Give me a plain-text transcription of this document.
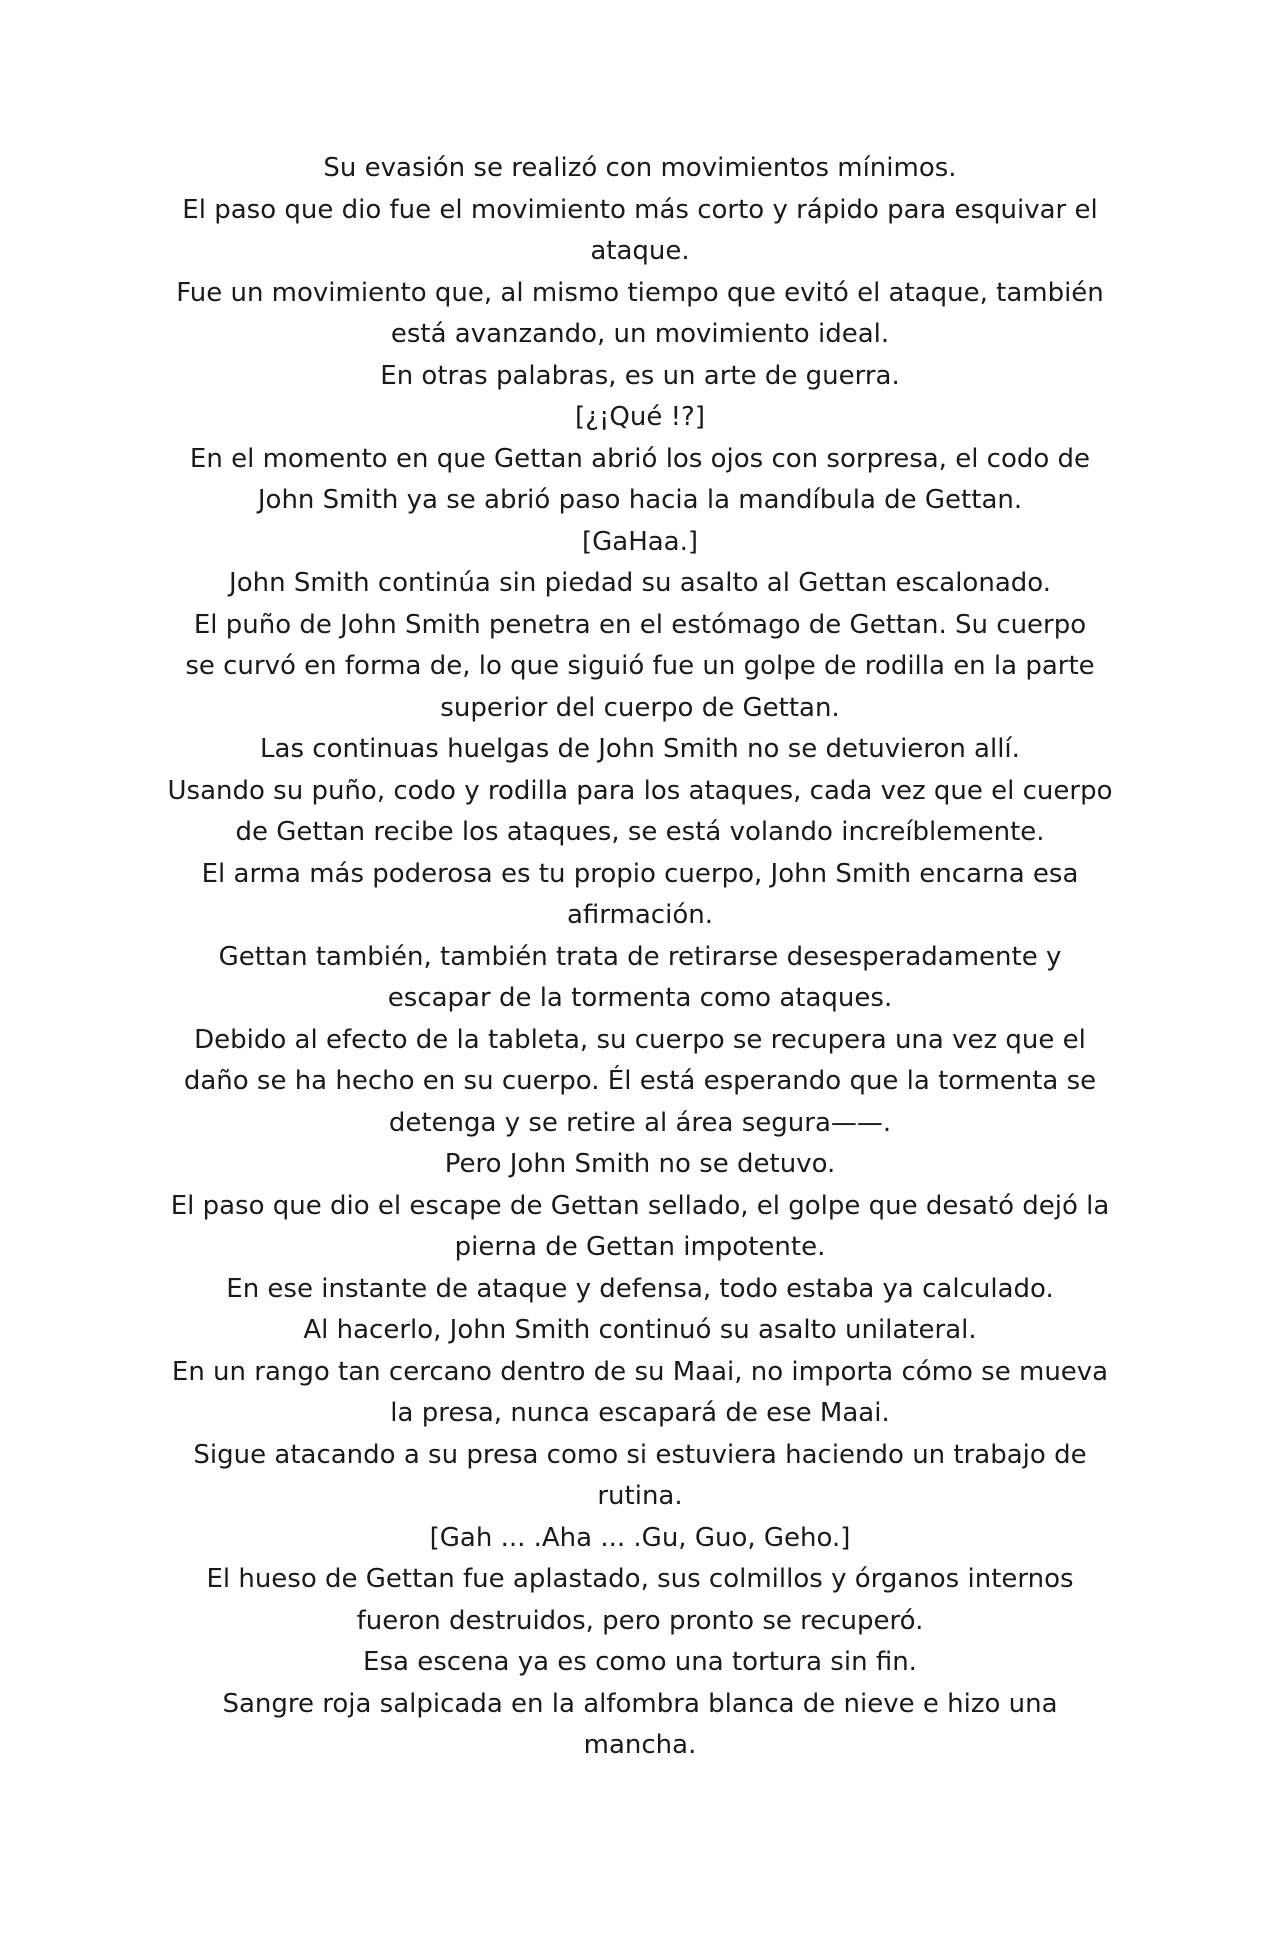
Su evasión se realizó con movimientos mínimos.

El paso que dio fue el movimiento más corto y rápido para esquivar el

ataque.

Fue un movimiento que, al mismo tiempo que evitó el ataque, también

está avanzando, un movimiento ideal.

En otras palabras, es un arte de guerra.

[¿¡Qué !?]

En el momento en que Gettan abrió los ojos con sorpresa, el codo de

John Smith ya se abrió paso hacia la mandíbula de Gettan.

[GaHaa.]

John Smith continúa sin piedad su asalto al Gettan escalonado.

El puño de John Smith penetra en el estómago de Gettan. Su cuerpo

se curvó en forma de, lo que siguió fue un golpe de rodilla en la parte

superior del cuerpo de Gettan.

Las continuas huelgas de John Smith no se detuvieron allí.

Usando su puño, codo y rodilla para los ataques, cada vez que el cuerpo

de Gettan recibe los ataques, se está volando increíblemente.

El arma más poderosa es tu propio cuerpo, John Smith encarna esa

afirmación.

Gettan también, también trata de retirarse desesperadamente y

escapar de la tormenta como ataques.

Debido al efecto de la tableta, su cuerpo se recupera una vez que el

daño se ha hecho en su cuerpo. Él está esperando que la tormenta se

detenga y se retire al área segura——.

Pero John Smith no se detuvo.

El paso que dio el escape de Gettan sellado, el golpe que desató dejó la

pierna de Gettan impotente.

En ese instante de ataque y defensa, todo estaba ya calculado.

Al hacerlo, John Smith continuó su asalto unilateral.

En un rango tan cercano dentro de su Maai, no importa cómo se mueva

la presa, nunca escapará de ese Maai.

Sigue atacando a su presa como si estuviera haciendo un trabajo de

rutina.

[Gah ... .Aha ... .Gu, Guo, Geho.]

El hueso de Gettan fue aplastado, sus colmillos y órganos internos

fueron destruidos, pero pronto se recuperó.

Esa escena ya es como una tortura sin fin.

Sangre roja salpicada en la alfombra blanca de nieve e hizo una

mancha.
